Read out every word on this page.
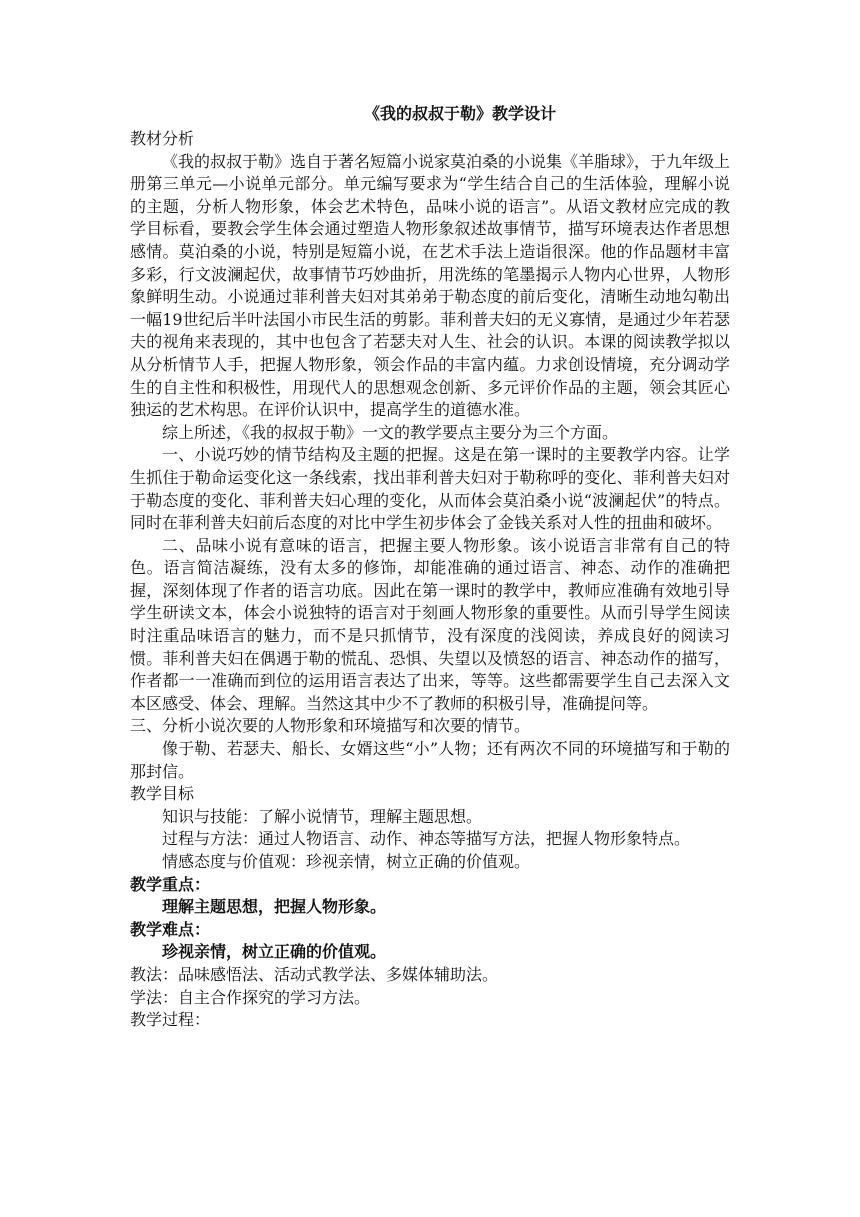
《我的叔叔于勒》教学设计

教材分析

《我的叔叔于勒》选自于著名短篇小说家莫泊桑的小说集《羊脂球》，于九年级上册第三单元—小说单元部分。单元编写要求为“学生结合自己的生活体验，理解小说的主题，分析人物形象，体会艺术特色，品味小说的语言”。从语文教材应完成的教学目标看，要教会学生体会通过塑造人物形象叙述故事情节，描写环境表达作者思想感情。莫泊桑的小说，特别是短篇小说，在艺术手法上造诣很深。他的作品题材丰富多彩，行文波澜起伏，故事情节巧妙曲折，用洗练的笔墨揭示人物内心世界，人物形象鲜明生动。小说通过菲利普夫妇对其弟弟于勒态度的前后变化，清晰生动地勾勒出一幅19世纪后半叶法国小市民生活的剪影。菲利普夫妇的无义寡情，是通过少年若瑟夫的视角来表现的，其中也包含了若瑟夫对人生、社会的认识。本课的阅读教学拟以从分析情节人手，把握人物形象，领会作品的丰富内蕴。力求创设情境，充分调动学生的自主性和积极性，用现代人的思想观念创新、多元评价作品的主题，领会其匠心独运的艺术构思。在评价认识中，提高学生的道德水准。

综上所述，《我的叔叔于勒》一文的教学要点主要分为三个方面。

一、小说巧妙的情节结构及主题的把握。这是在第一课时的主要教学内容。让学生抓住于勒命运变化这一条线索，找出菲利普夫妇对于勒称呼的变化、菲利普夫妇对于勒态度的变化、菲利普夫妇心理的变化，从而体会莫泊桑小说“波澜起伏”的特点。同时在菲利普夫妇前后态度的对比中学生初步体会了金钱关系对人性的扭曲和破坏。

二、品味小说有意味的语言，把握主要人物形象。该小说语言非常有自己的特色。语言简洁凝练，没有太多的修饰，却能准确的通过语言、神态、动作的准确把握，深刻体现了作者的语言功底。因此在第一课时的教学中，教师应准确有效地引导学生研读文本，体会小说独特的语言对于刻画人物形象的重要性。从而引导学生阅读时注重品味语言的魅力，而不是只抓情节，没有深度的浅阅读，养成良好的阅读习惯。菲利普夫妇在偶遇于勒的慌乱、恐惧、失望以及愤怒的语言、神态动作的描写，作者都一一准确而到位的运用语言表达了出来，等等。这些都需要学生自己去深入文本区感受、体会、理解。当然这其中少不了教师的积极引导，准确提问等。

三、分析小说次要的人物形象和环境描写和次要的情节。

像于勒、若瑟夫、船长、女婿这些“小”人物；还有两次不同的环境描写和于勒的那封信。

教学目标

知识与技能：了解小说情节，理解主题思想。

过程与方法：通过人物语言、动作、神态等描写方法，把握人物形象特点。

情感态度与价值观：珍视亲情，树立正确的价值观。

教学重点：

理解主题思想，把握人物形象。

教学难点：

珍视亲情，树立正确的价值观。

教法：品味感悟法、活动式教学法、多媒体辅助法。

学法：自主合作探究的学习方法。

教学过程：
